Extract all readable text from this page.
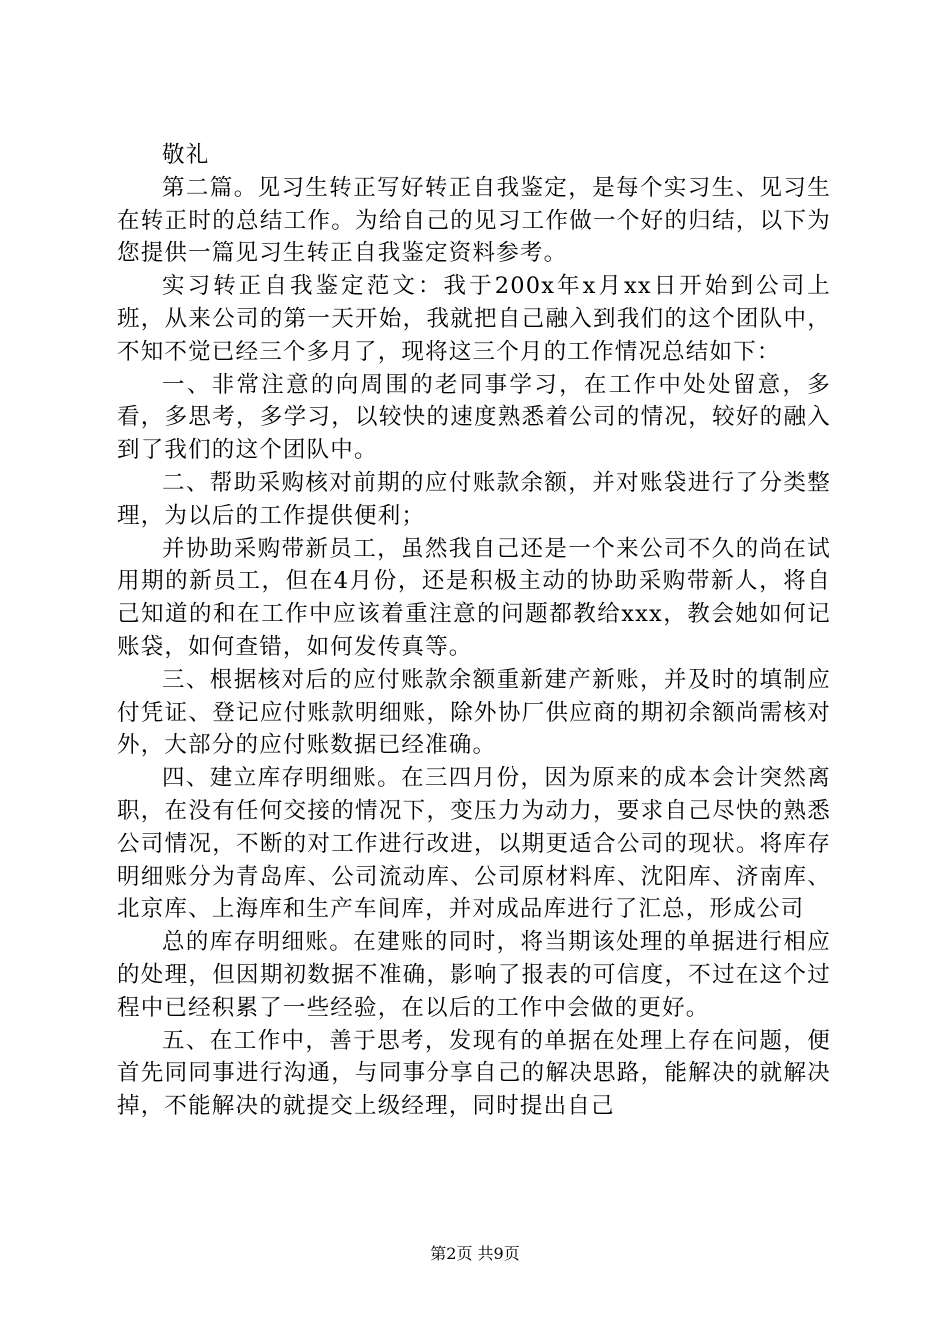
敬礼

第二篇。见习生转正写好转正自我鉴定，是每个实习生、见习生在转正时的总结工作。为给自己的见习工作做一个好的归结，以下为您提供一篇见习生转正自我鉴定资料参考。

实习转正自我鉴定范文：我于200x年x月xx日开始到公司上班，从来公司的第一天开始，我就把自己融入到我们的这个团队中，不知不觉已经三个多月了，现将这三个月的工作情况总结如下：

一、非常注意的向周围的老同事学习，在工作中处处留意，多看，多思考，多学习，以较快的速度熟悉着公司的情况，较好的融入到了我们的这个团队中。

二、帮助采购核对前期的应付账款余额，并对账袋进行了分类整理，为以后的工作提供便利；

并协助采购带新员工，虽然我自己还是一个来公司不久的尚在试用期的新员工，但在4月份，还是积极主动的协助采购带新人，将自己知道的和在工作中应该着重注意的问题都教给xxx，教会她如何记账袋，如何查错，如何发传真等。

三、根据核对后的应付账款余额重新建产新账，并及时的填制应付凭证、登记应付账款明细账，除外协厂供应商的期初余额尚需核对外，大部分的应付账数据已经准确。

四、建立库存明细账。在三四月份，因为原来的成本会计突然离职，在没有任何交接的情况下，变压力为动力，要求自己尽快的熟悉公司情况，不断的对工作进行改进，以期更适合公司的现状。将库存明细账分为青岛库、公司流动库、公司原材料库、沈阳库、济南库、北京库、上海库和生产车间库，并对成品库进行了汇总，形成公司

总的库存明细账。在建账的同时，将当期该处理的单据进行相应的处理，但因期初数据不准确，影响了报表的可信度，不过在这个过程中已经积累了一些经验，在以后的工作中会做的更好。

五、在工作中，善于思考，发现有的单据在处理上存在问题，便首先同同事进行沟通，与同事分享自己的解决思路，能解决的就解决掉，不能解决的就提交上级经理，同时提出自己

第2页 共9页
